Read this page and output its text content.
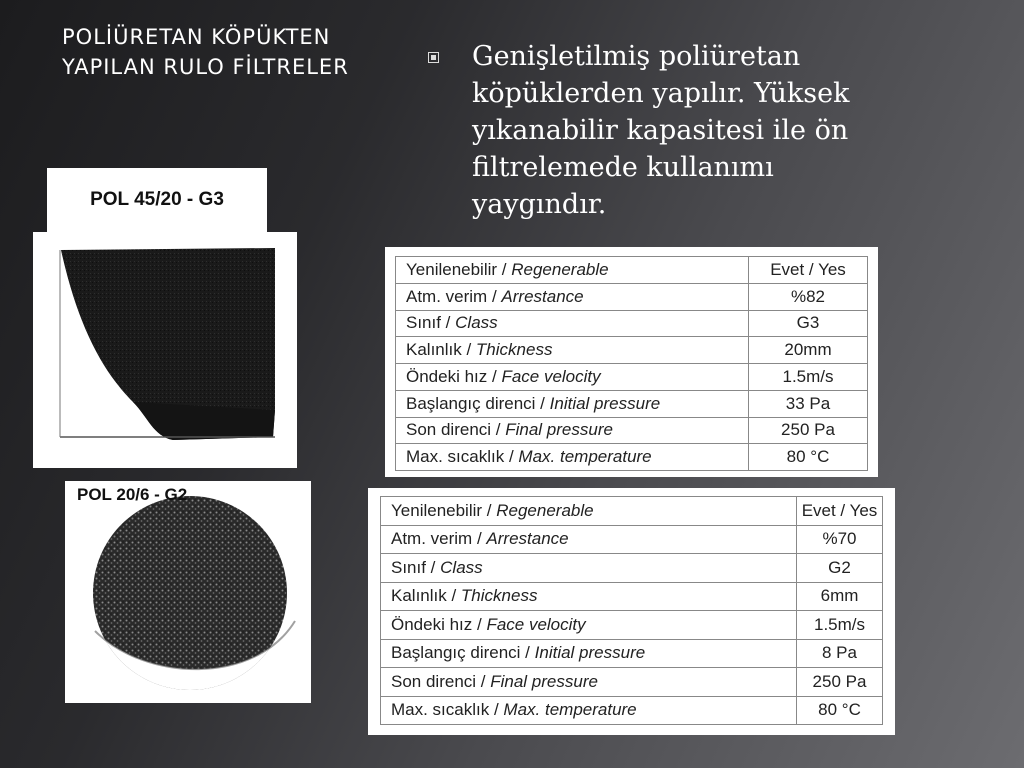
POLİÜRETAN KÖPÜKTEN YAPILAN RULO FİLTRELER	Genişletilmiş poliüretan köpüklerden yapılır. Yüksek yıkanabilir kapasitesi ile ön filtrelemede kullanımı yaygındır.
POL 45/20 - G3
POL 20/6 - G2
Yenilenebilir / Regenerable	Evet / Yes
Atm. verim / Arrestance	%82
Sınıf / Class	G3
Kalınlık / Thickness	20mm
Öndeki hız / Face velocity	1.5m/s
Başlangıç direnci / Initial pressure	33 Pa
Son direnci / Final pressure	250 Pa
Max. sıcaklık / Max. temperature	80 °C
Yenilenebilir / Regenerable	Evet / Yes
Atm. verim / Arrestance	%70
Sınıf / Class	G2
Kalınlık / Thickness	6mm
Öndeki hız / Face velocity	1.5m/s
Başlangıç direnci / Initial pressure	8 Pa
Son direnci / Final pressure	250 Pa
Max. sıcaklık / Max. temperature	80 °C
